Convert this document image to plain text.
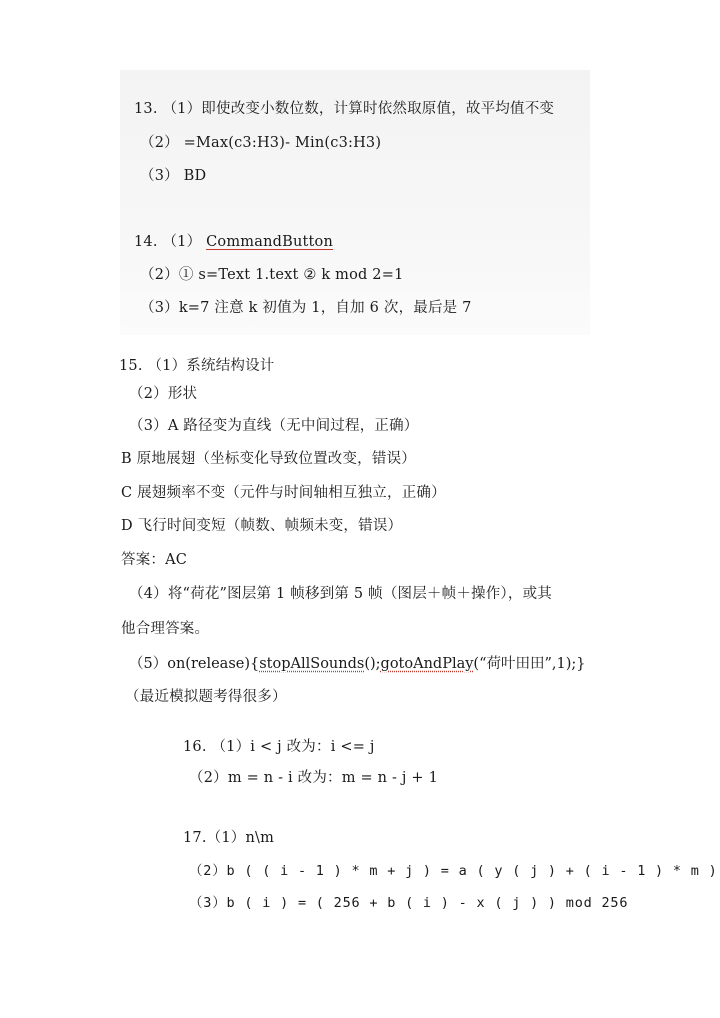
13. （1）即使改变小数位数，计算时依然取原值，故平均值不变
（2） =Max(c3:H3)- Min(c3:H3)
（3） BD
14. （1） CommandButton
（2）① s=Text 1.text ② k mod 2=1
（3）k=7 注意 k 初值为 1，自加 6 次，最后是 7
15. （1）系统结构设计
（2）形状
（3）A 路径变为直线（无中间过程，正确）
B 原地展翅（坐标变化导致位置改变，错误）
C 展翅频率不变（元件与时间轴相互独立，正确）
D 飞行时间变短（帧数、帧频未变，错误）
答案：AC
（4）将“荷花”图层第 1 帧移到第 5 帧（图层＋帧＋操作），或其
他合理答案。
（5）on(release){stopAllSounds();gotoAndPlay(“荷叶田田”,1);}
（最近模拟题考得很多）
16. （1）i < j 改为：i <= j
（2）m = n - i 改为：m = n - j + 1
17.（1）n\m
（2）b ( ( i - 1 ) * m + j ) = a ( y ( j ) + ( i - 1 ) * m )
（3）b ( i ) = ( 256 + b ( i ) - x ( j ) ) mod 256
